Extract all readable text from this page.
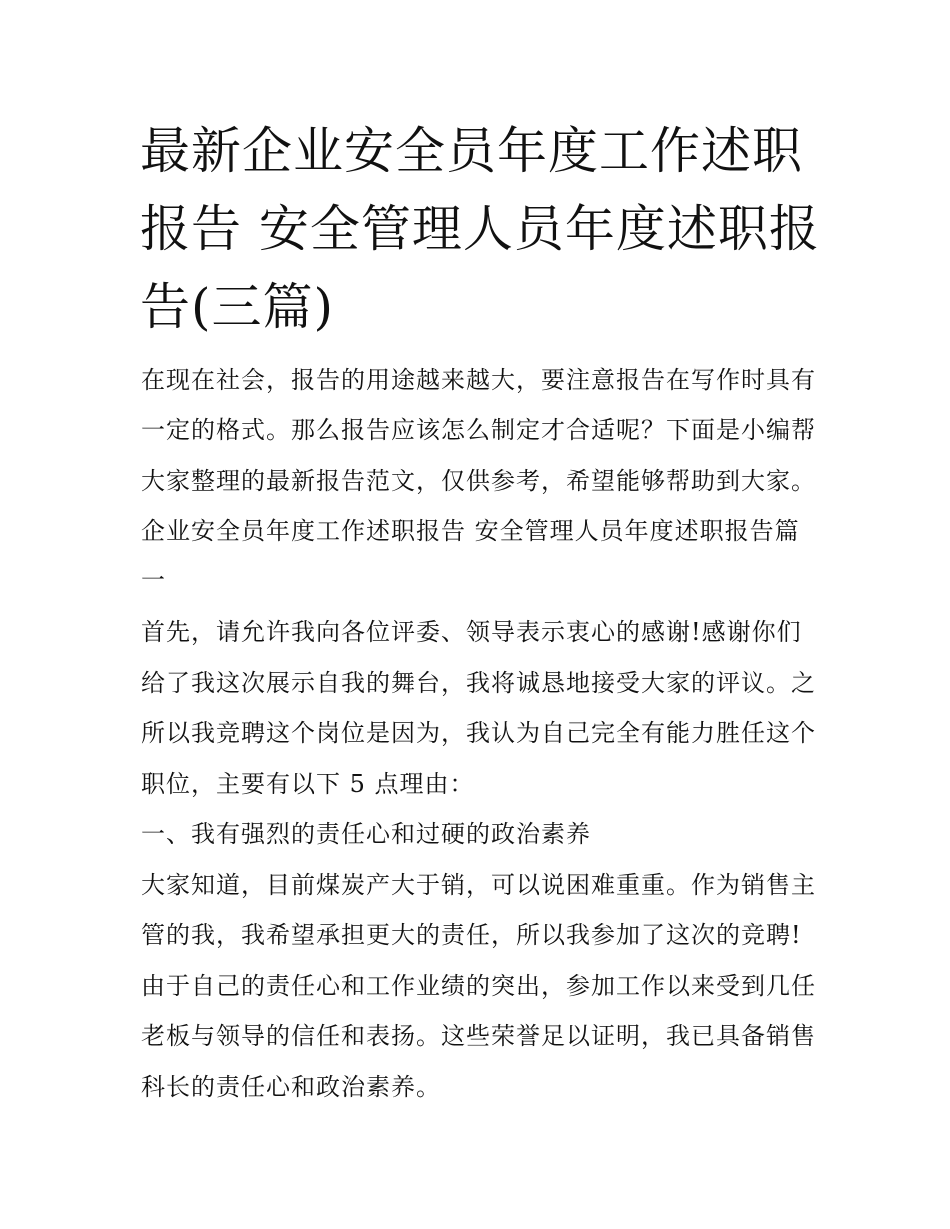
最新企业安全员年度工作述职
报告 安全管理人员年度述职报
告(三篇)

在现在社会，报告的用途越来越大，要注意报告在写作时具有

一定的格式。那么报告应该怎么制定才合适呢？下面是小编帮

大家整理的最新报告范文，仅供参考，希望能够帮助到大家。

企业安全员年度工作述职报告 安全管理人员年度述职报告篇

一

首先，请允许我向各位评委、领导表示衷心的感谢!感谢你们

给了我这次展示自我的舞台，我将诚恳地接受大家的评议。之

所以我竞聘这个岗位是因为，我认为自己完全有能力胜任这个

职位，主要有以下 5 点理由：

一、我有强烈的责任心和过硬的政治素养

大家知道，目前煤炭产大于销，可以说困难重重。作为销售主

管的我，我希望承担更大的责任，所以我参加了这次的竞聘!

由于自己的责任心和工作业绩的突出，参加工作以来受到几任

老板与领导的信任和表扬。这些荣誉足以证明，我已具备销售

科长的责任心和政治素养。
